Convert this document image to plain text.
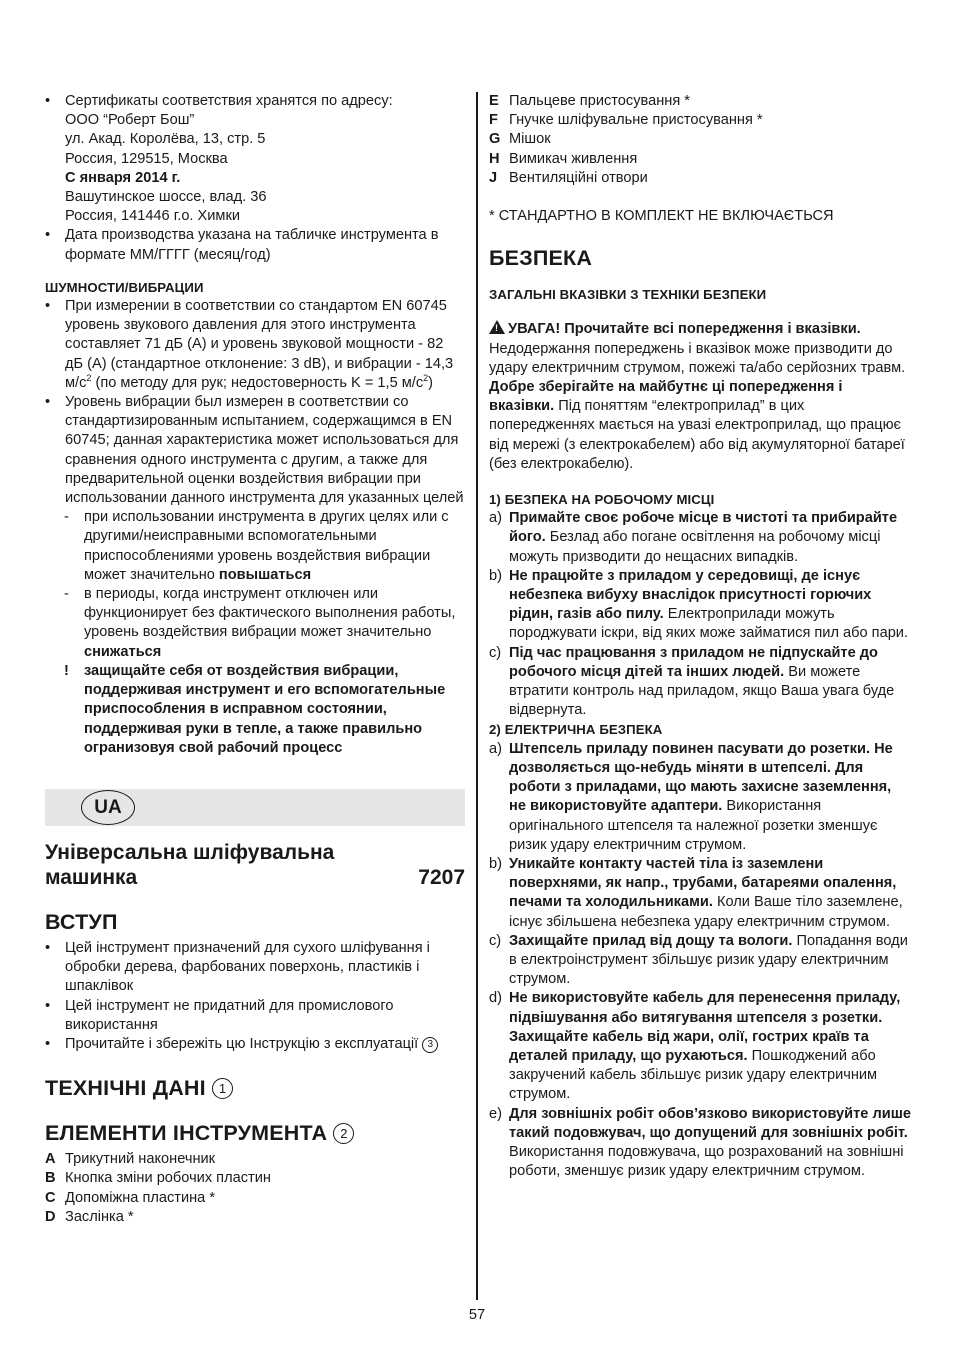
• Сертификаты соответствия хранятся по адресу:

ООО “Роберт Бош”

ул. Акад. Королёва, 13, стр. 5

Россия, 129515, Москва

С января 2014 г.

Вашутинское шоссе, влад. 36

Россия, 141446 г.о. Химки

• Дата производства указана на табличке инструмента в формате ММ/ГГГГ (месяц/год)

ШУМНОСТИ/ВИБРАЦИИ

• При измерении в соответствии со стандартом EN 60745 уровень звукового давления для этого инструмента составляет 71 дБ (A) и уровень звуковой мощности - 82 дБ (A) (стандартное отклонение: 3 dB), и вибрации - 14,3 $м/с^2$ (по методу для рук; недостоверность K = 1,5 $м/с^2$)

• Уровень вибрации был измерен в соответствии со стандартизированным испытанием, содержащимся в EN 60745; данная характеристика может использоваться для сравнения одного инструмента с другим, а также для предварительной оценки воздействия вибрации при использовании данного инструмента для указанных целей

- при использовании инструмента в других целях или с другими/неисправными вспомогательными приспособлениями уровень воздействия вибрации может значительно повышаться

- в периоды, когда инструмент отключен или функционирует без фактического выполнения работы, уровень воздействия вибрации может значительно снижаться

! защищайте себя от воздействия вибрации, поддерживая инструмент и его вспомогательные приспособления в исправном состоянии, поддерживая руки в тепле, а также правильно огранизовуя свой рабочий процесс

UA
Універсальна шліфувальна машинка	7207

ВСТУП

• Цей інструмент призначений для сухого шліфування і обробки дерева, фарбованих поверхонь, пластиків і шпаклівок

• Цей інструмент не придатний для промислового використання

• Прочитайте і збережіть цю Інструкцію з експлуатації 3

ТЕХНІЧНІ ДАНІ 1

ЕЛЕМЕНТИ ІНСТРУМЕНТА 2

A Трикутний наконечник

B Кнопка зміни робочих пластин

C Допоміжна пластина *

D Заслінка *

E Пальцеве пристосування *

F Гнучке шліфувальне пристосування *

G Мішок

H Вимикач живлення

J Вентиляційні отвори

* СТАНДАРТНО В КОМПЛЕКТ НЕ ВКЛЮЧАЄТЬСЯ

БЕЗПЕКА

ЗАГАЛЬНІ ВКАЗІВКИ З ТЕХНІКИ БЕЗПЕКИ

! УВАГА! Прочитайте всі попередження і вказівки. Недодержання попереджень і вказівок може призводити до удару електричним струмом, пожежі та/або серйозних травм. Добре зберігайте на майбутнє ці попередження і вказівки. Під поняттям “електроприлад” в цих попередженнях мається на увазі електроприлад, що працює від мережі (з електрокабелем) або від акумуляторної батареї (без електрокабелю).

1) БЕЗПЕКА НА РОБОЧОМУ МІСЦІ

a) Примайте своє робоче місце в чистоті та прибирайте його. Безлад або погане освітлення на робочому місці можуть призводити до нещасних випадків.

b) Не працюйте з приладом у середовищі, де існує небезпека вибуху внаслідок присутності горючих рідин, газів або пилу. Електроприлади можуть породжувати іскри, від яких може займатися пил або пари.

c) Під час працювання з приладом не підпускайте до робочого місця дітей та інших людей. Ви можете втратити контроль над приладом, якщо Ваша увага буде відвернута.

2) ЕЛЕКТРИЧНА БЕЗПЕКА

a) Штепсель приладу повинен пасувати до розетки. Не дозволяється що-небудь міняти в штепселі. Для роботи з приладами, що мають захисне заземлення, не використовуйте адаптери. Використання оригінального штепселя та належної розетки зменшує ризик удару електричним струмом.

b) Уникайте контакту частей тіла із заземлени поверхнями, як напр., трубами, батареями опалення, печами та холодильниками. Коли Ваше тіло заземлене, існує збільшена небезпека удару електричним струмом.

c) Захищайте прилад від дощу та вологи. Попадання води в електроінструмент збільшує ризик удару електричним струмом.

d) Не використовуйте кабель для перенесення приладу, підвішування або витягування штепселя з розетки. Захищайте кабель від жари, олії, гострих країв та деталей приладу, що рухаються. Пошкоджений або закручений кабель збільшує ризик удару електричним струмом.

e) Для зовнішніх робіт обов’язково використовуйте лише такий подовжувач, що допущений для зовнішніх робіт. Використання подовжувача, що розрахований на зовнішні роботи, зменшує ризик удару електричним струмом.

57
